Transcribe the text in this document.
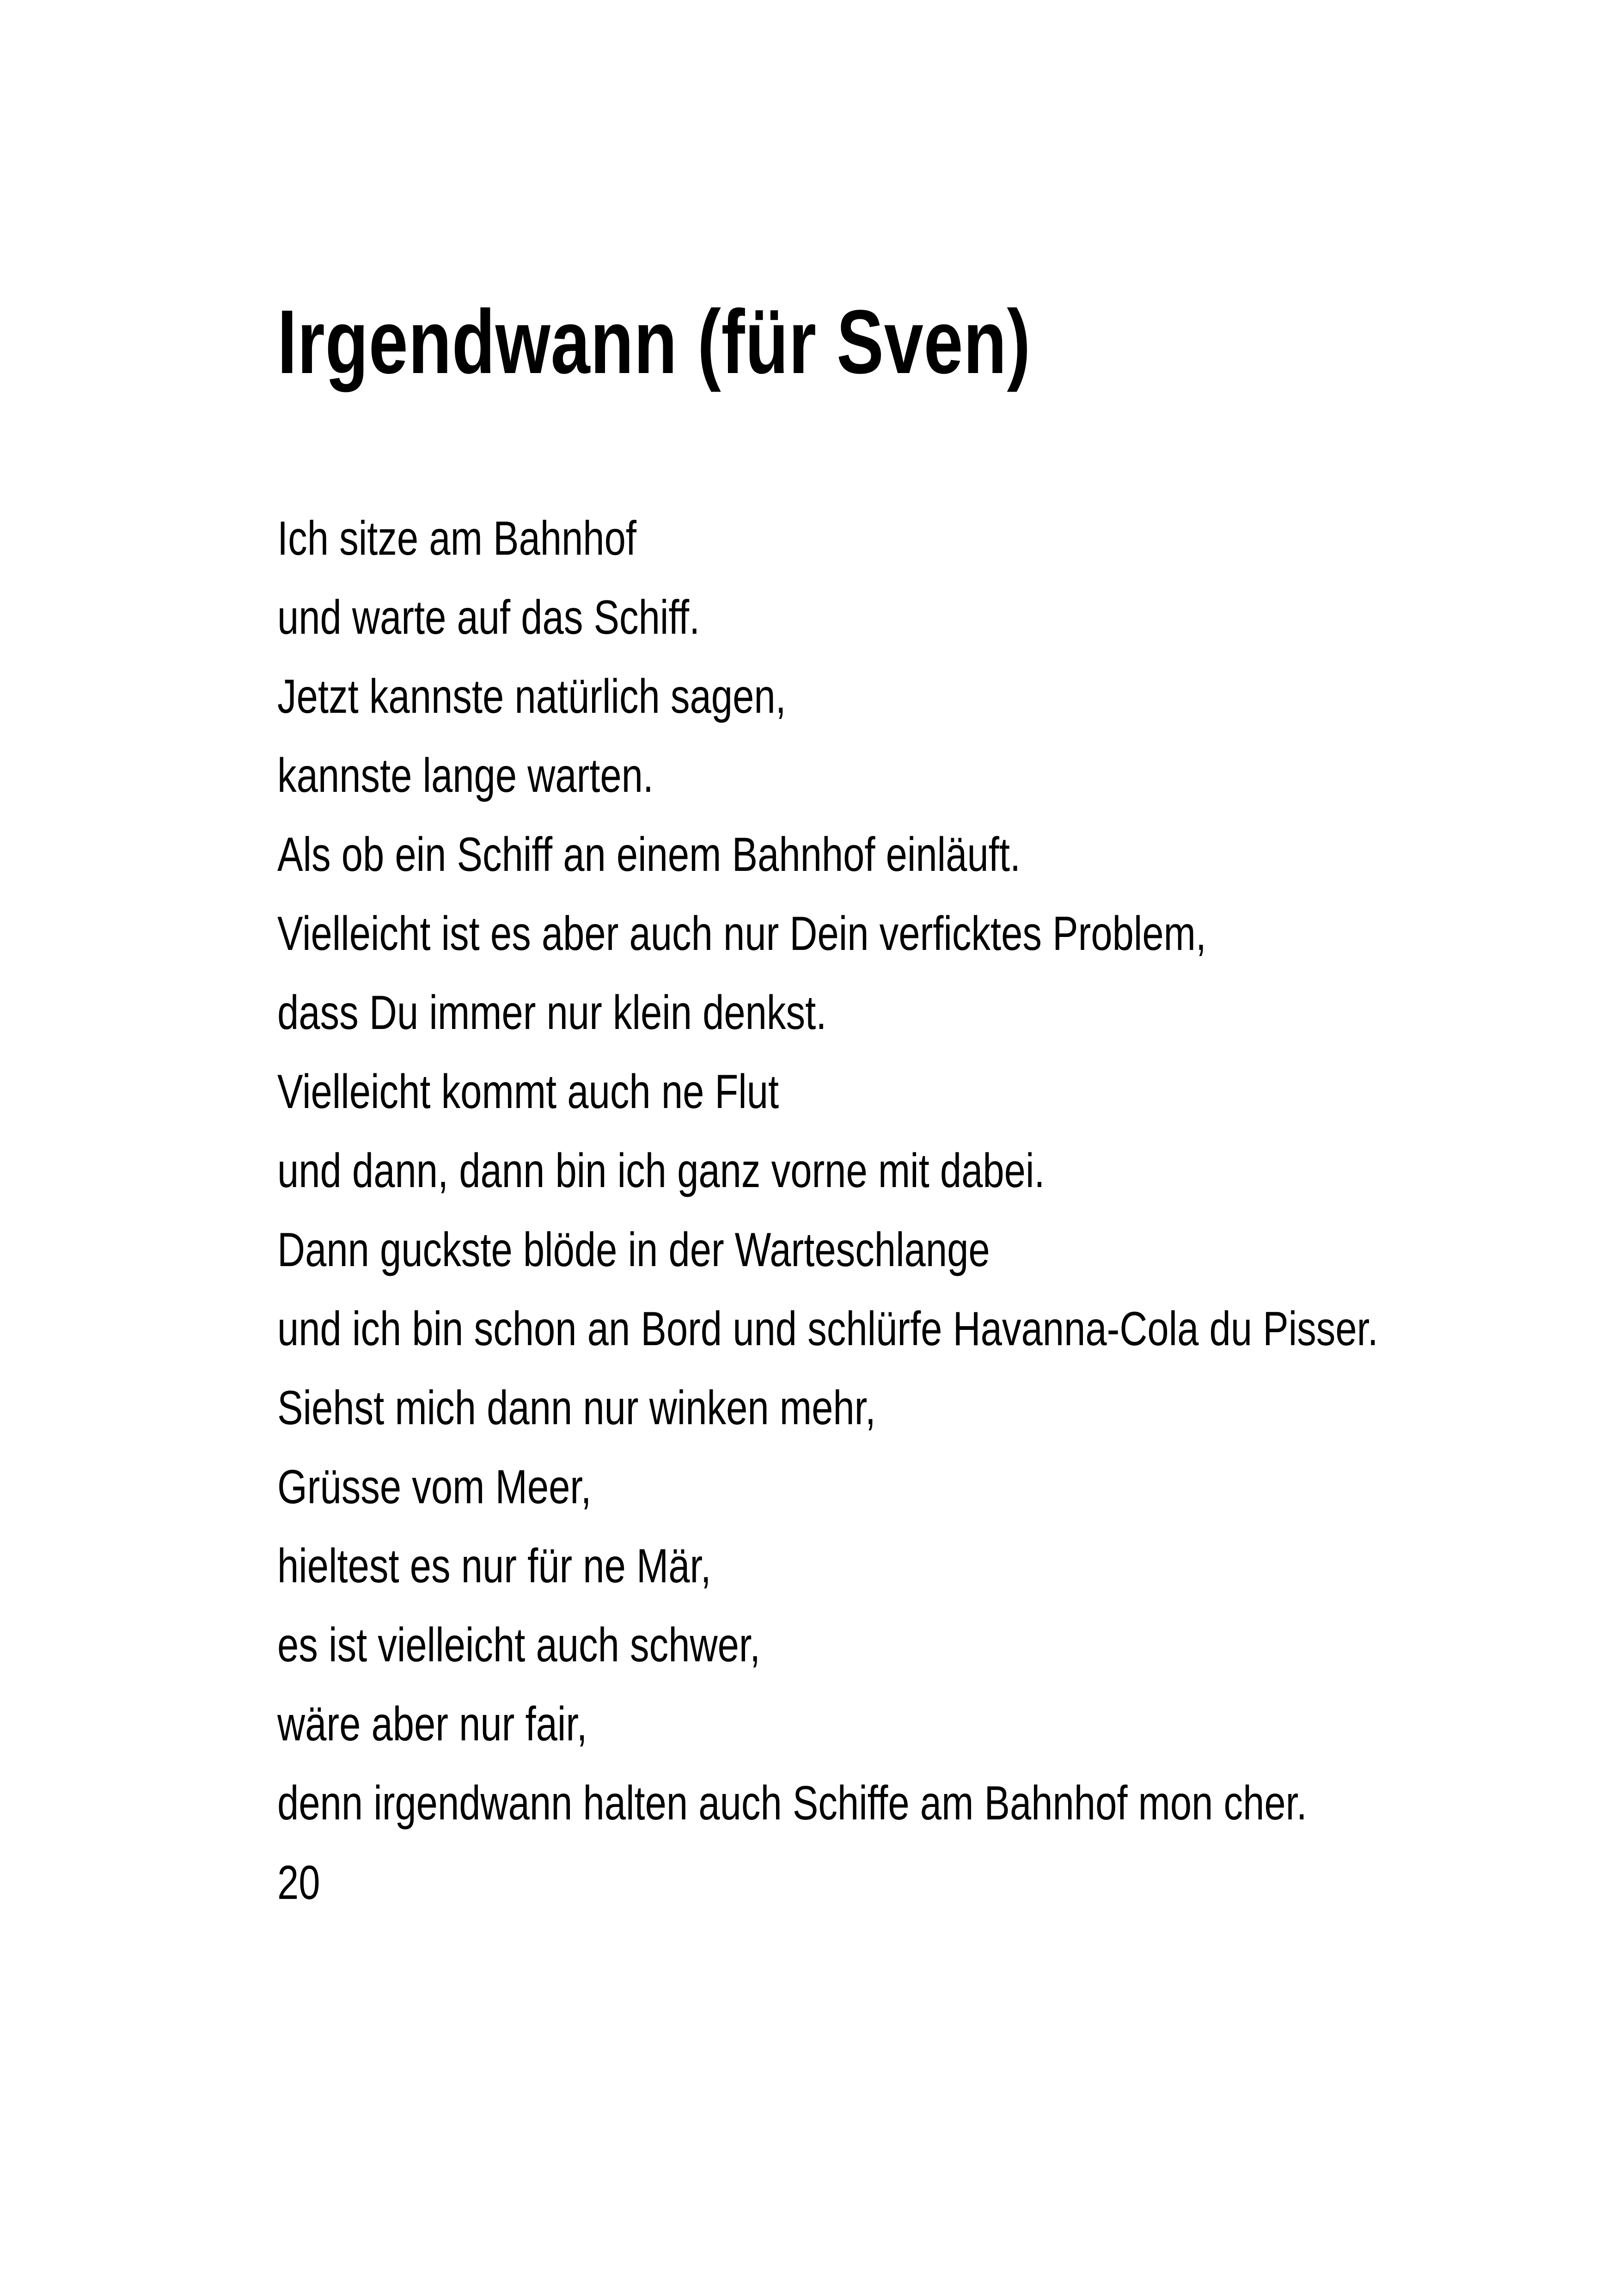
Irgendwann (für Sven)
Ich sitze am Bahnhof
und warte auf das Schiff.
Jetzt kannste natürlich sagen,
kannste lange warten.
Als ob ein Schiff an einem Bahnhof einläuft.
Vielleicht ist es aber auch nur Dein verficktes Problem,
dass Du immer nur klein denkst.
Vielleicht kommt auch ne Flut
und dann, dann bin ich ganz vorne mit dabei.
Dann guckste blöde in der Warteschlange
und ich bin schon an Bord und schlürfe Havanna-Cola du Pisser.
Siehst mich dann nur winken mehr,
Grüsse vom Meer,
hieltest es nur für ne Mär,
es ist vielleicht auch schwer,
wäre aber nur fair,
denn irgendwann halten auch Schiffe am Bahnhof mon cher.
20
